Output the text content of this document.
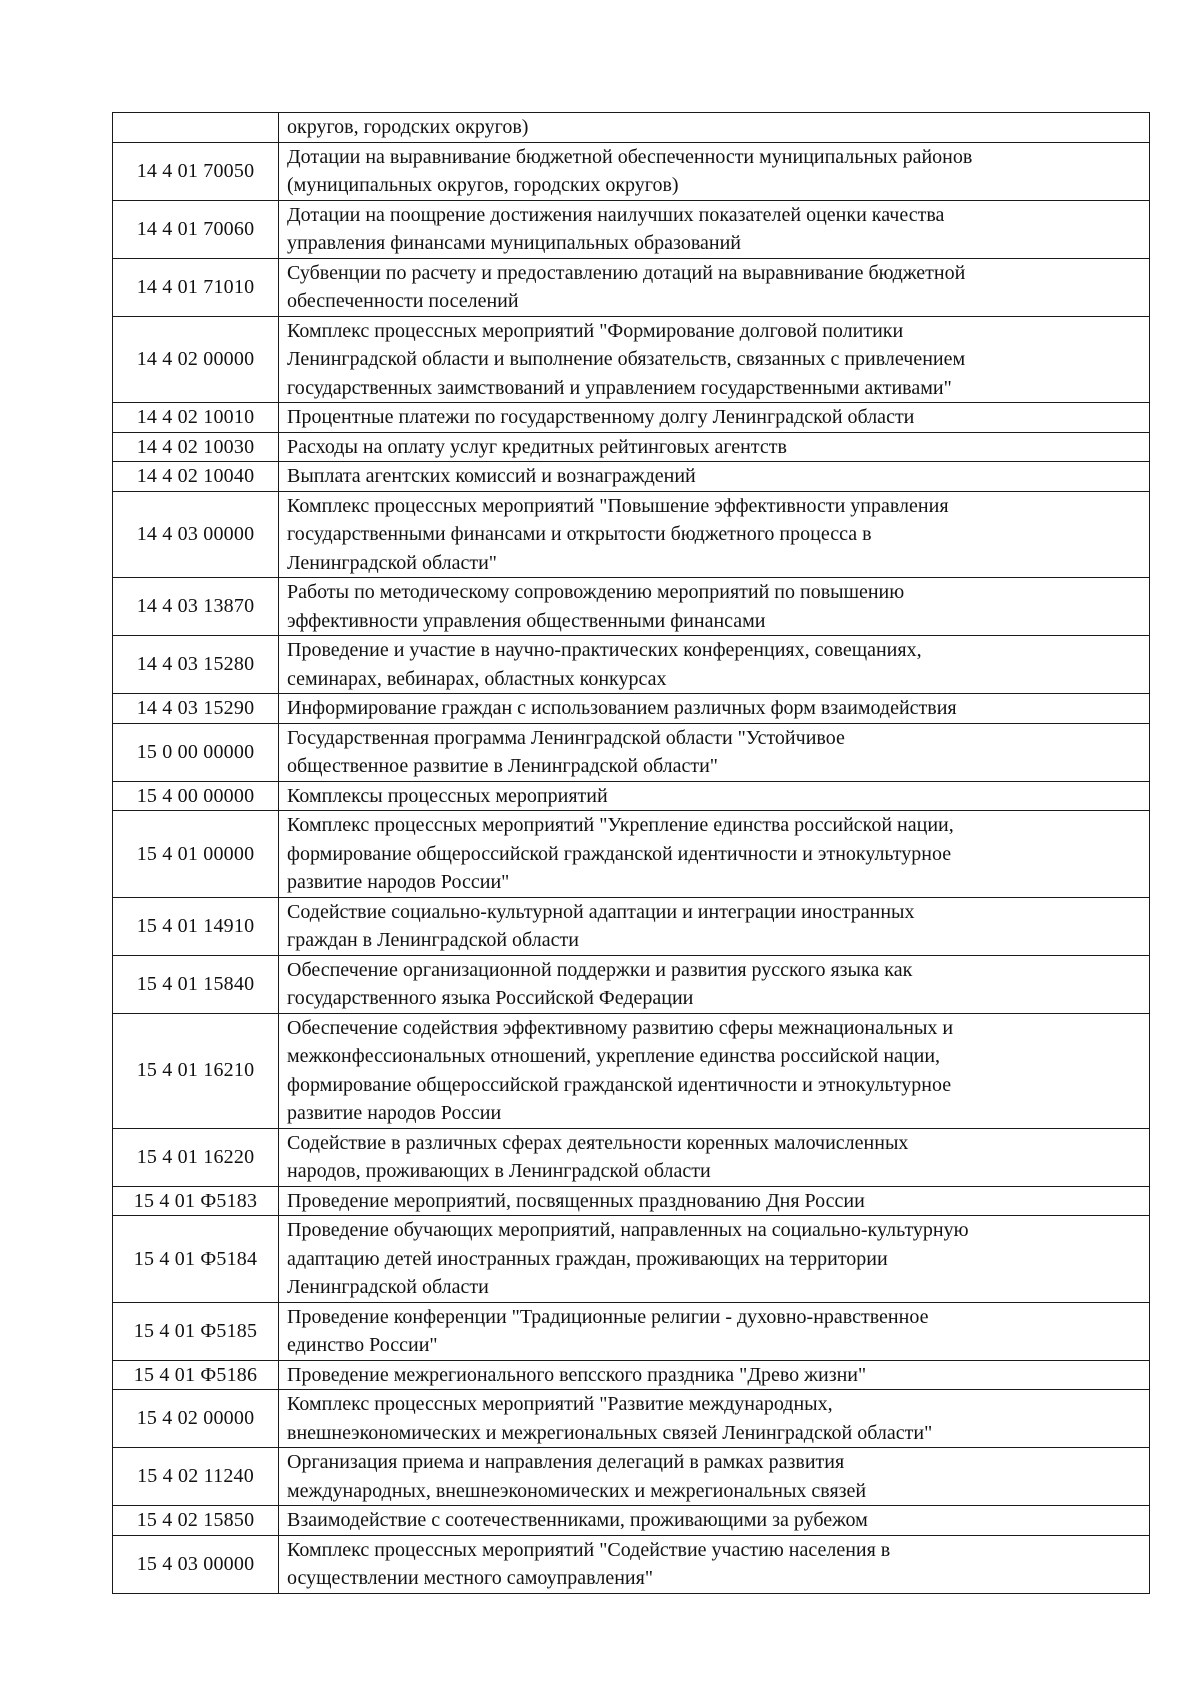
	округов, городских округов)

14 4 01 70050	Дотации на выравнивание бюджетной обеспеченности муниципальных районов
(муниципальных округов, городских округов)

14 4 01 70060	Дотации на поощрение достижения наилучших показателей оценки качества
управления финансами муниципальных образований

14 4 01 71010	Субвенции по расчету и предоставлению дотаций на выравнивание бюджетной
обеспеченности поселений

14 4 02 00000	Комплекс процессных мероприятий "Формирование долговой политики
Ленинградской области и выполнение обязательств, связанных с привлечением
государственных заимствований и управлением государственными активами"

14 4 02 10010	Процентные платежи по государственному долгу Ленинградской области

14 4 02 10030	Расходы на оплату услуг кредитных рейтинговых агентств

14 4 02 10040	Выплата агентских комиссий и вознаграждений

14 4 03 00000	Комплекс процессных мероприятий "Повышение эффективности управления
государственными финансами и открытости бюджетного процесса в
Ленинградской области"

14 4 03 13870	Работы по методическому сопровождению мероприятий по повышению
эффективности управления общественными финансами

14 4 03 15280	Проведение и участие в научно-практических конференциях, совещаниях,
семинарах, вебинарах, областных конкурсах

14 4 03 15290	Информирование граждан с использованием различных форм взаимодействия

15 0 00 00000	Государственная программа Ленинградской области "Устойчивое
общественное развитие в Ленинградской области"

15 4 00 00000	Комплексы процессных мероприятий

15 4 01 00000	Комплекс процессных мероприятий "Укрепление единства российской нации,
формирование общероссийской гражданской идентичности и этнокультурное
развитие народов России"

15 4 01 14910	Содействие социально-культурной адаптации и интеграции иностранных
граждан в Ленинградской области

15 4 01 15840	Обеспечение организационной поддержки и развития русского языка как
государственного языка Российской Федерации

15 4 01 16210	Обеспечение содействия эффективному развитию сферы межнациональных и
межконфессиональных отношений, укрепление единства российской нации,
формирование общероссийской гражданской идентичности и этнокультурное
развитие народов России

15 4 01 16220	Содействие в различных сферах деятельности коренных малочисленных
народов, проживающих в Ленинградской области

15 4 01 Ф5183	Проведение мероприятий, посвященных празднованию Дня России

15 4 01 Ф5184	Проведение обучающих мероприятий, направленных на социально-культурную
адаптацию детей иностранных граждан, проживающих на территории
Ленинградской области

15 4 01 Ф5185	Проведение конференции "Традиционные религии - духовно-нравственное
единство России"

15 4 01 Ф5186	Проведение межрегионального вепсского праздника "Древо жизни"

15 4 02 00000	Комплекс процессных мероприятий "Развитие международных,
внешнеэкономических и межрегиональных связей Ленинградской области"

15 4 02 11240	Организация приема и направления делегаций в рамках развития
международных, внешнеэкономических и межрегиональных связей

15 4 02 15850	Взаимодействие с соотечественниками, проживающими за рубежом

15 4 03 00000	Комплекс процессных мероприятий "Содействие участию населения в
осуществлении местного самоуправления"
